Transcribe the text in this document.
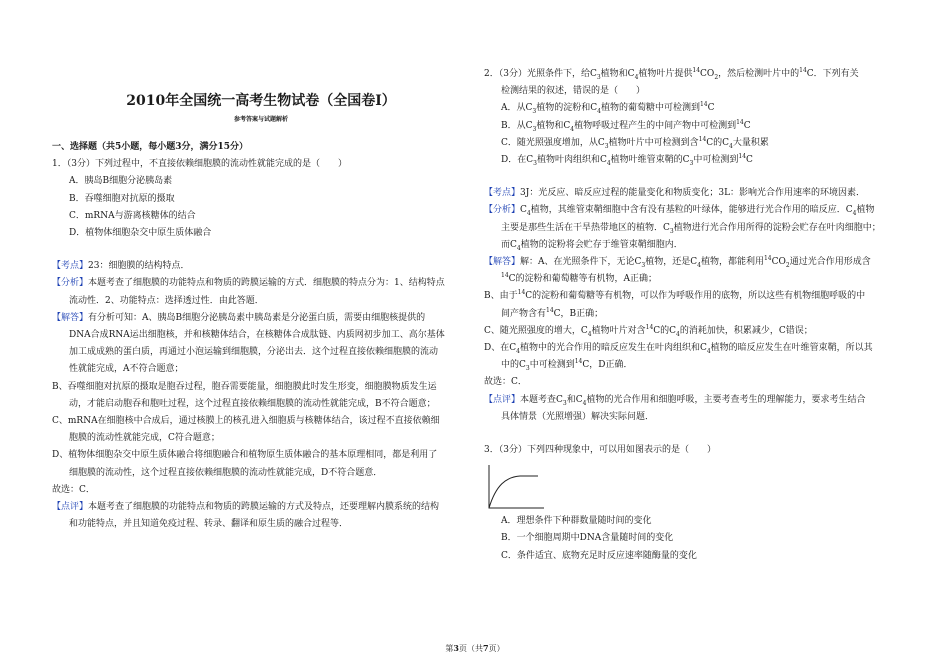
2010年全国统一高考生物试卷（全国卷Ⅰ）
参考答案与试题解析
一、选择题（共5小题，每小题3分，满分15分）
1．（3分）下列过程中，不直接依赖细胞膜的流动性就能完成的是（　　）
A．胰岛B细胞分泌胰岛素
B．吞噬细胞对抗原的摄取
C．mRNA与游离核糖体的结合
D．植物体细胞杂交中原生质体融合
【考点】23：细胞膜的结构特点．
【分析】本题考查了细胞膜的功能特点和物质的跨膜运输的方式．细胞膜的特点分为：1、结构特点
流动性．2、功能特点：选择透过性．由此答题．
【解答】有分析可知：A、胰岛B细胞分泌胰岛素中胰岛素是分泌蛋白质，需要由细胞核提供的
DNA合成RNA运出细胞核，并和核糖体结合，在核糖体合成肽链、内质网初步加工、高尔基体
加工成成熟的蛋白质，再通过小泡运输到细胞膜，分泌出去．这个过程直接依赖细胞膜的流动
性就能完成，A不符合题意；
B、吞噬细胞对抗原的摄取是胞吞过程，胞吞需要能量，细胞膜此时发生形变，细胞膜物质发生运
动，才能启动胞吞和胞吐过程，这个过程直接依赖细胞膜的流动性就能完成，B不符合题意；
C、mRNA在细胞核中合成后，通过核膜上的核孔进入细胞质与核糖体结合，该过程不直接依赖细
胞膜的流动性就能完成，C符合题意；
D、植物体细胞杂交中原生质体融合将细胞融合和植物原生质体融合的基本原理相同，都是利用了
细胞膜的流动性，这个过程直接依赖细胞膜的流动性就能完成，D不符合题意．
故选：C．
【点评】本题考查了细胞膜的功能特点和物质的跨膜运输的方式及特点，还要理解内膜系统的结构
和功能特点，并且知道免疫过程、转录、翻译和原生质的融合过程等．
2．（3分）光照条件下，给$C_3$植物和$C_4$植物叶片提供$^{14}CO_2$，然后检测叶片中的$^{14}$C．下列有关
检测结果的叙述，错误的是（　　）
A．从$C_3$植物的淀粉和$C_4$植物的葡萄糖中可检测到$^{14}$C
B．从$C_3$植物和$C_4$植物呼吸过程产生的中间产物中可检测到$^{14}$C
C．随光照强度增加，从$C_3$植物叶片中可检测到含$^{14}$C的$C_4$大量积累
D．在$C_3$植物叶肉组织和$C_4$植物叶维管束鞘的$C_3$中可检测到$^{14}$C
【考点】3J：光反应、暗反应过程的能量变化和物质变化；3L：影响光合作用速率的环境因素．
【分析】$C_4$植物，其维管束鞘细胞中含有没有基粒的叶绿体，能够进行光合作用的暗反应．$C_4$植物
主要是那些生活在干旱热带地区的植物．$C_3$植物进行光合作用所得的淀粉会贮存在叶肉细胞中；
而$C_4$植物的淀粉将会贮存于维管束鞘细胞内．
【解答】解：A、在光照条件下，无论$C_3$植物，还是$C_4$植物，都能利用$^{14}CO_2$通过光合作用形成含
$^{14}$C的淀粉和葡萄糖等有机物，A正确；
B、由于$^{14}$C的淀粉和葡萄糖等有机物，可以作为呼吸作用的底物，所以这些有机物细胞呼吸的中
间产物含有$^{14}$C，B正确；
C、随光照强度的增大，$C_4$植物叶片对含$^{14}$C的$C_4$的消耗加快，积累减少，C错误；
D、在$C_4$植物中的光合作用的暗反应发生在叶肉组织和$C_4$植物的暗反应发生在叶维管束鞘，所以其
中的$C_3$中可检测到$^{14}$C，D正确．
故选：C．
【点评】本题考查$C_3$和$C_4$植物的光合作用和细胞呼吸，主要考查考生的理解能力，要求考生结合
具体情景（光照增强）解决实际问题．
3．（3分）下列四种现象中，可以用如图表示的是（　　）
A．理想条件下种群数量随时间的变化
B．一个细胞周期中DNA含量随时间的变化
C．条件适宜、底物充足时反应速率随酶量的变化
第3页（共7页）
